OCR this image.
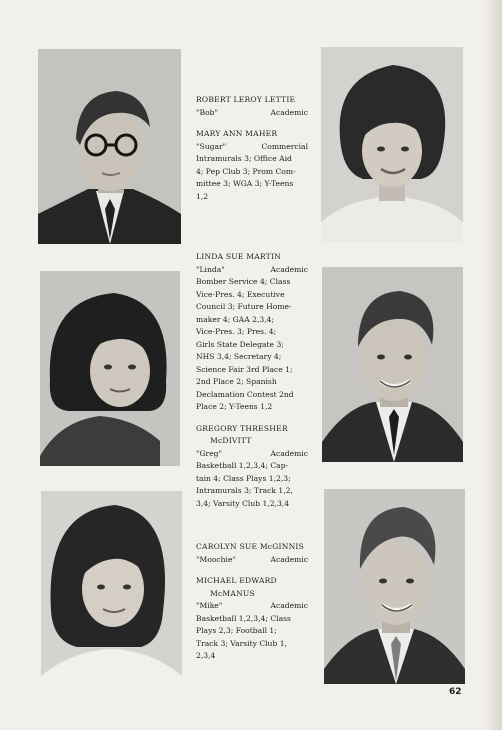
ROBERT LEROY LETTIE
"Bob"	Academic
MARY ANN MAHER
"Sugar"	Commercial

Intramurals 3; Office Aid
4; Pep Club 3; Prom Com-
mittee 3; WGA 3; Y-Teens
1,2

LINDA SUE MARTIN
"Linda"	Academic

Bomber Service 4; Class
Vice-Pres. 4; Executive
Council 3; Future Home-
maker 4; GAA 2,3,4;
Vice-Pres. 3; Pres. 4;
Girls State Delegate 3;
NHS 3,4; Secretary 4;
Science Fair 3rd Place 1;
2nd Place 2; Spanish
Declamation Contest 2nd
Place 2; Y-Teens 1,2

GREGORY THRESHER
McDIVITT
"Greg"	Academic

Basketball 1,2,3,4; Cap-
tain 4; Class Plays 1,2,3;
Intramurals 3; Track 1,2,
3,4; Varsity Club 1,2,3,4

CAROLYN SUE McGINNIS
"Moochie"	Academic
MICHAEL EDWARD
McMANUS
"Mike"	Academic

Basketball 1,2,3,4; Class
Plays 2,3; Football 1;
Track 3; Varsity Club 1,
2,3,4

62
